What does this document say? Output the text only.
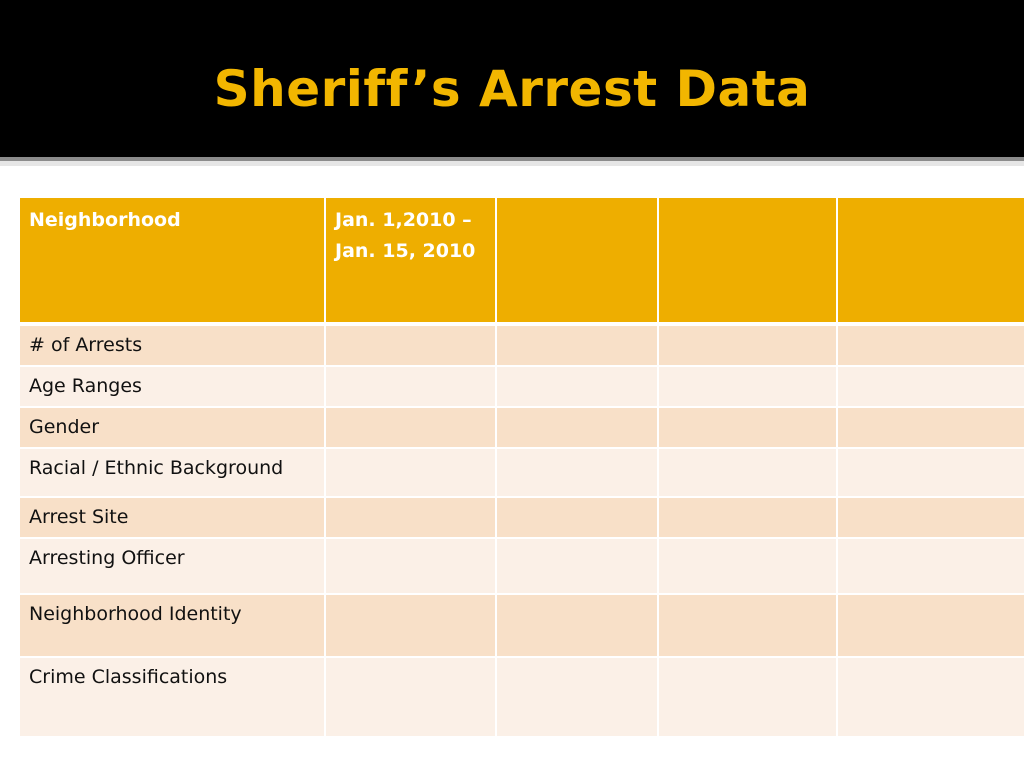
Sheriff’s Arrest Data
Neighborhood	Jan. 1,2010 – Jan. 15, 2010			
# of Arrests				
Age Ranges				
Gender				
Racial / Ethnic Background				
Arrest Site				
Arresting Officer				
Neighborhood Identity				
Crime Classifications				
